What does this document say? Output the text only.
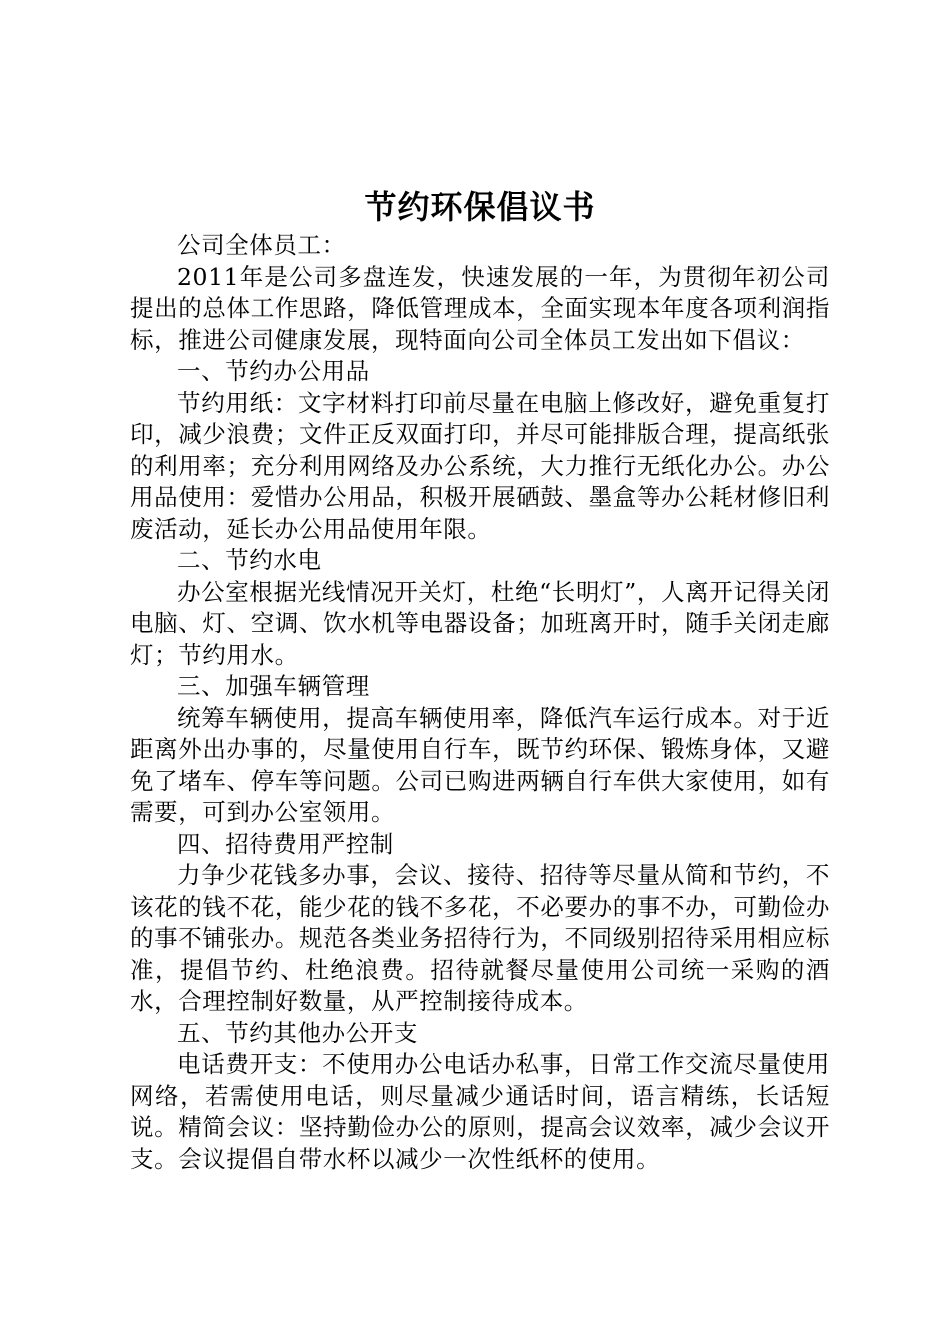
节约环保倡议书

公司全体员工：

2011年是公司多盘连发，快速发展的一年，为贯彻年初公司提出的总体工作思路，降低管理成本，全面实现本年度各项利润指标，推进公司健康发展，现特面向公司全体员工发出如下倡议：

一、节约办公用品

节约用纸：文字材料打印前尽量在电脑上修改好，避免重复打印，减少浪费；文件正反双面打印，并尽可能排版合理，提高纸张的利用率；充分利用网络及办公系统，大力推行无纸化办公。办公用品使用：爱惜办公用品，积极开展硒鼓、墨盒等办公耗材修旧利废活动，延长办公用品使用年限。

二、节约水电

办公室根据光线情况开关灯，杜绝“长明灯”，人离开记得关闭电脑、灯、空调、饮水机等电器设备；加班离开时，随手关闭走廊灯；节约用水。

三、加强车辆管理

统筹车辆使用，提高车辆使用率，降低汽车运行成本。对于近距离外出办事的，尽量使用自行车，既节约环保、锻炼身体，又避免了堵车、停车等问题。公司已购进两辆自行车供大家使用，如有需要，可到办公室领用。

四、招待费用严控制

力争少花钱多办事，会议、接待、招待等尽量从简和节约，不该花的钱不花，能少花的钱不多花，不必要办的事不办，可勤俭办的事不铺张办。规范各类业务招待行为，不同级别招待采用相应标准，提倡节约、杜绝浪费。招待就餐尽量使用公司统一采购的酒水，合理控制好数量，从严控制接待成本。

五、节约其他办公开支

电话费开支：不使用办公电话办私事，日常工作交流尽量使用网络，若需使用电话，则尽量减少通话时间，语言精练，长话短说。精简会议：坚持勤俭办公的原则，提高会议效率，减少会议开支。会议提倡自带水杯以减少一次性纸杯的使用。
